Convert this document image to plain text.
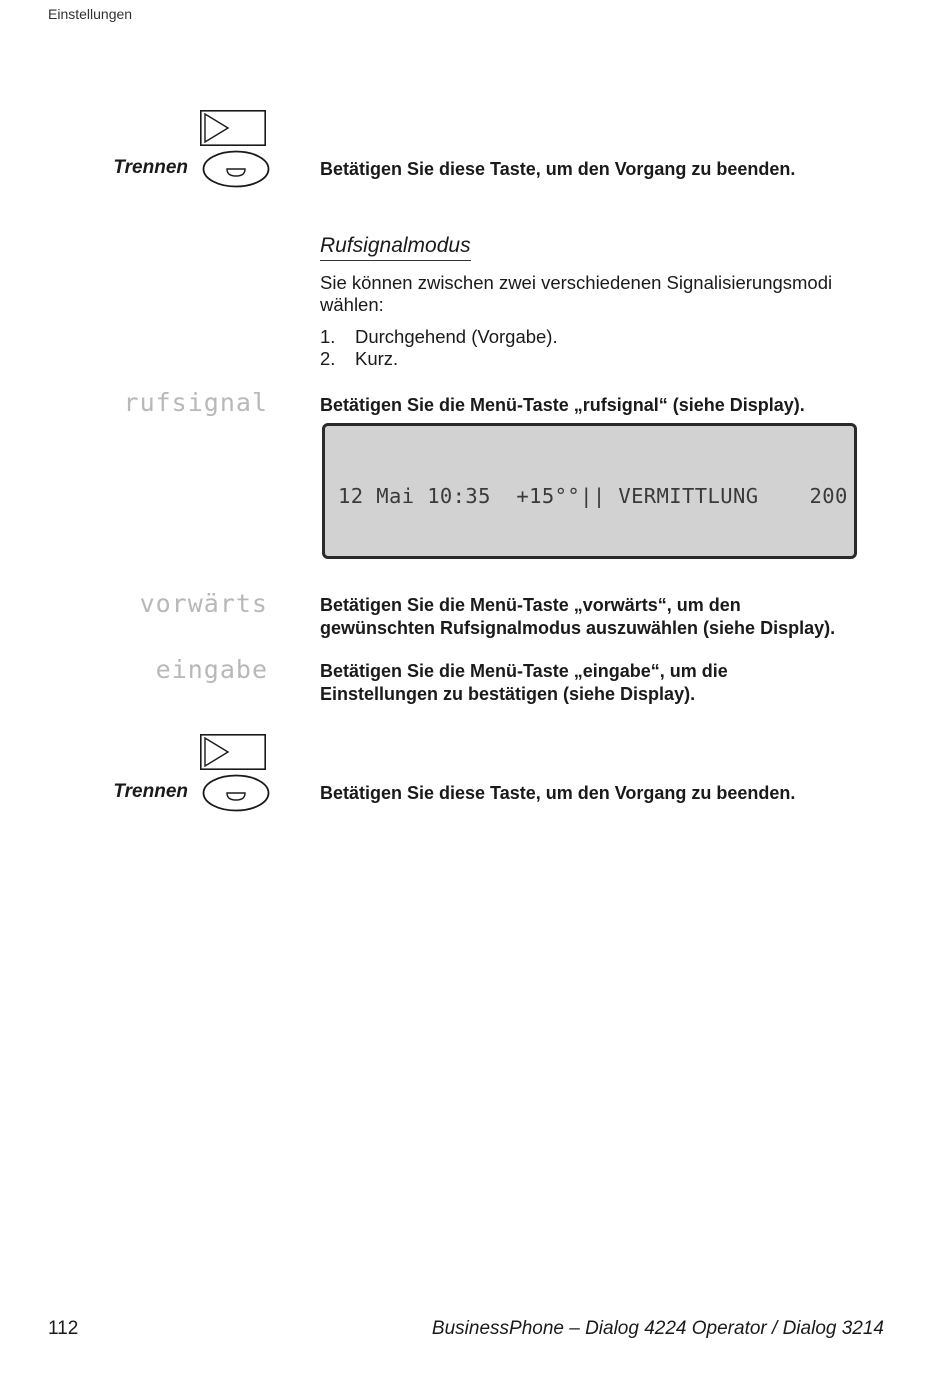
Einstellungen
Trennen	Betätigen Sie diese Taste, um den Vorgang zu beenden.
Rufsignalmodus
Sie können zwischen zwei verschiedenen Signalisierungsmodi wählen:
1.	Durchgehend (Vorgabe).
2.	Kurz.
rufsignal	Betätigen Sie die Menü-Taste „rufsignal“ (siehe Display).

12 Mai 10:35  +15°°|| VERMITTLUNG    200

vorwärts	Betätigen Sie die Menü-Taste „vorwärts“, um den
gewünschten Rufsignalmodus auszuwählen (siehe Display).
eingabe	Betätigen Sie die Menü-Taste „eingabe“, um die
Einstellungen zu bestätigen (siehe Display).
Trennen	Betätigen Sie diese Taste, um den Vorgang zu beenden.
112	BusinessPhone – Dialog 4224 Operator / Dialog 3214
